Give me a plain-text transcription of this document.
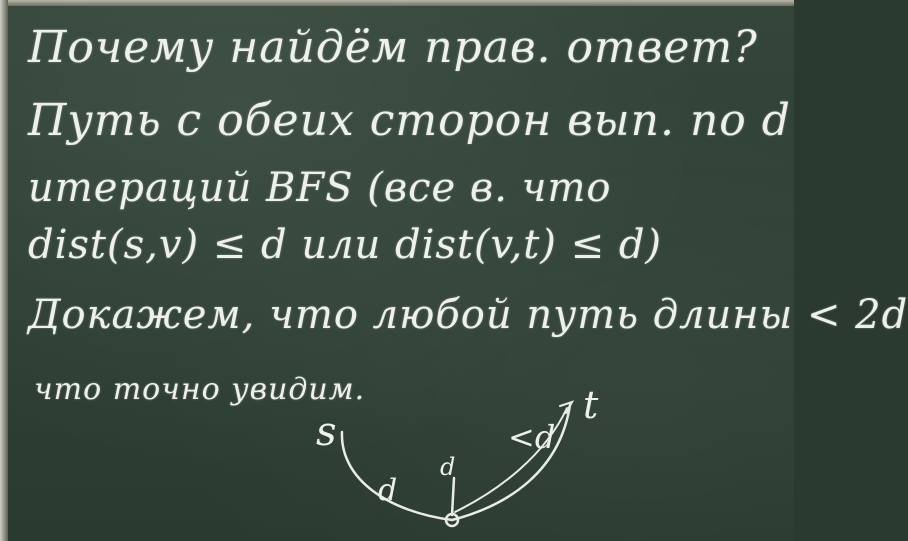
Почему найдём прав. ответ?
Путь с обеих сторон вып. по d
итераций BFS (все в. что
dist(s,v) ≤ d или dist(v,t) ≤ d)
Докажем, что любой путь длины < 2d
что точно увидим.
s
t
d
d
<d
